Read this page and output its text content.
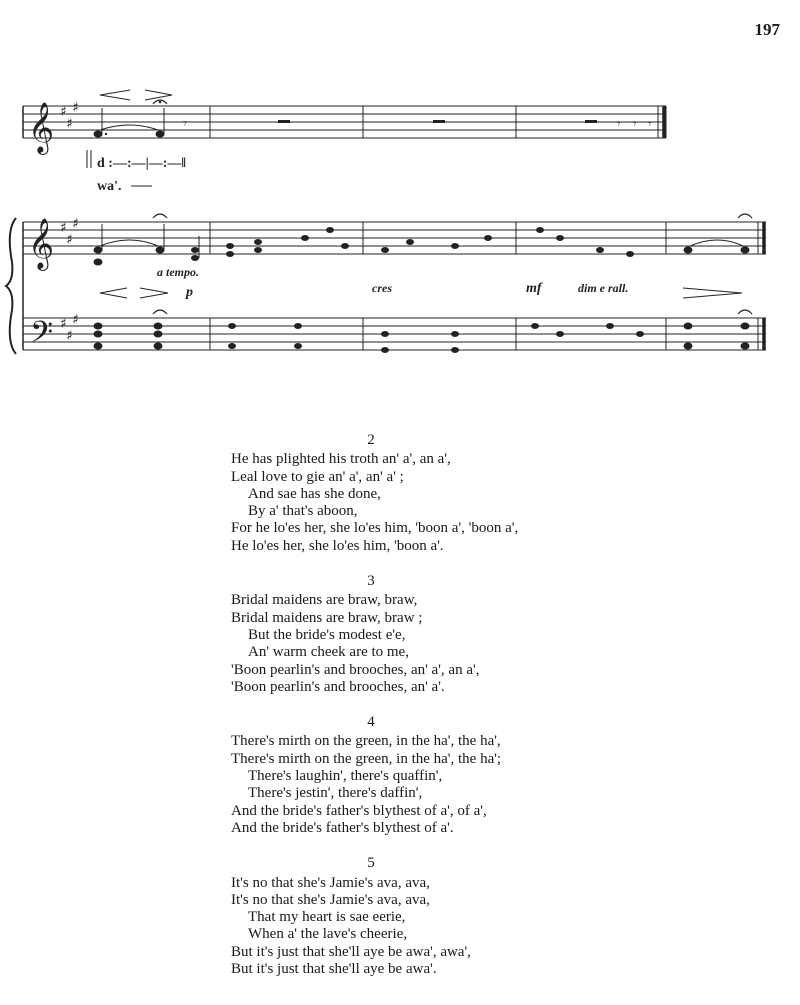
197
𝄞 ♯
♯
♯
𝄾	𝄾 𝄾 𝄾
d :—:—|—:—‖
wa'.
𝄞 ♯
♯
♯
a tempo.
p	cres	mf	dim e rall.
𝄢 ♯
♯
♯
2
He has plighted his troth an' a', an a',
Leal love to gie an' a', an' a' ;
And sae has she done,
By a' that's aboon,
For he lo'es her, she lo'es him, 'boon a', 'boon a',
He lo'es her, she lo'es him, 'boon a'.
3
Bridal maidens are braw, braw,
Bridal maidens are braw, braw ;
But the bride's modest e'e,
An' warm cheek are to me,
'Boon pearlin's and brooches, an' a', an a',
'Boon pearlin's and brooches, an' a'.
4
There's mirth on the green, in the ha', the ha',
There's mirth on the green, in the ha', the ha';
There's laughin', there's quaffin',
There's jestin', there's daffin',
And the bride's father's blythest of a', of a',
And the bride's father's blythest of a'.
5
It's no that she's Jamie's ava, ava,
It's no that she's Jamie's ava, ava,
That my heart is sae eerie,
When a' the lave's cheerie,
But it's just that she'll aye be awa', awa',
But it's just that she'll aye be awa'.
